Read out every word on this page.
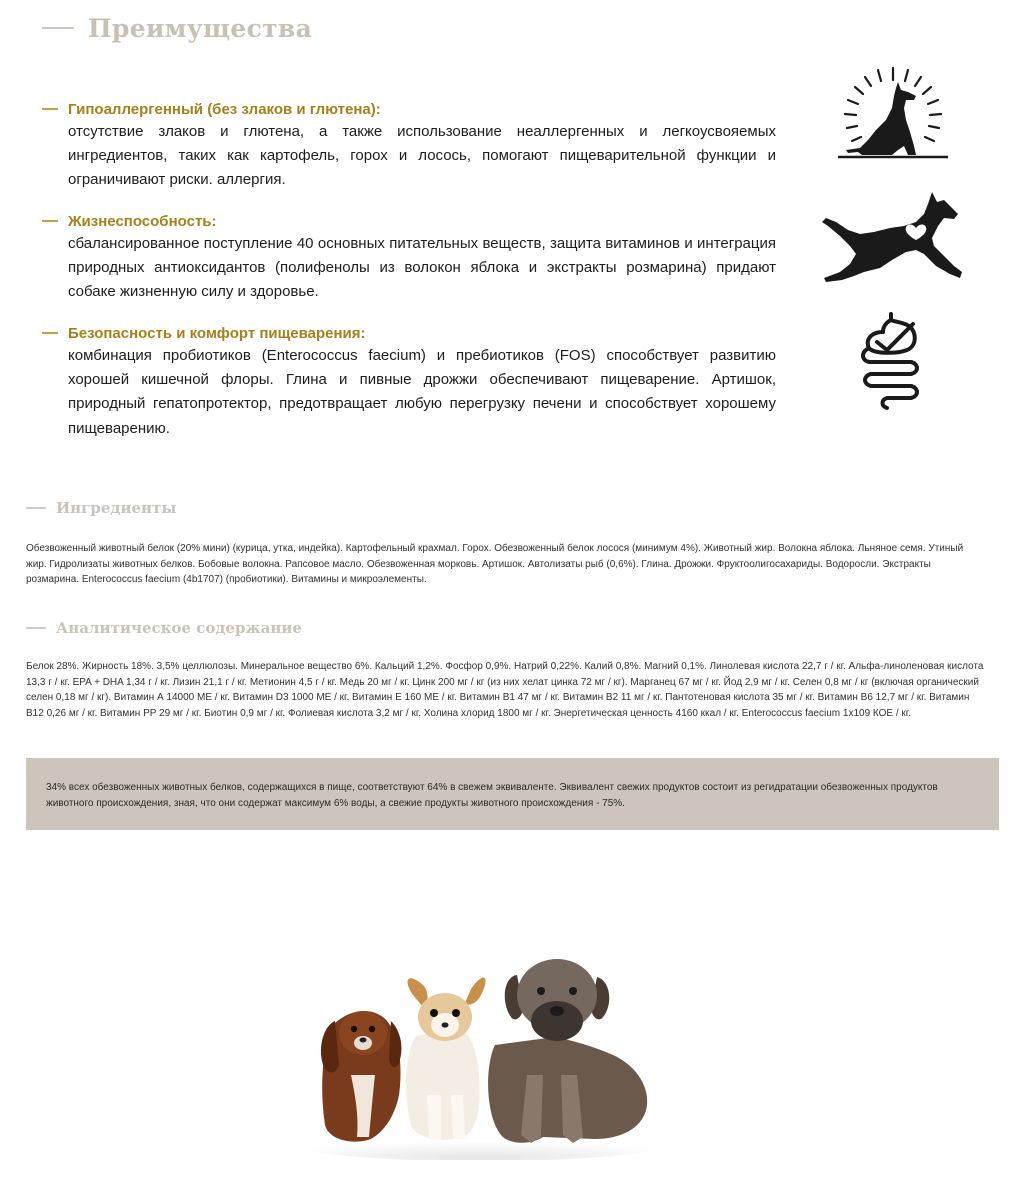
Преимущества
Гипоаллергенный (без злаков и глютена):
отсутствие злаков и глютена, а также использование неаллергенных и легкоусвояемых ингредиентов, таких как картофель, горох и лосось, помогают пищеварительной функции и ограничивают риски. аллергия.
Жизнеспособность:
сбалансированное поступление 40 основных питательных веществ, защита витаминов и интеграция природных антиоксидантов (полифенолы из волокон яблока и экстракты розмарина) придают собаке жизненную силу и здоровье.
Безопасность и комфорт пищеварения:
комбинация пробиотиков (Enterococcus faecium) и пребиотиков (FOS) способствует развитию хорошей кишечной флоры. Глина и пивные дрожжи обеспечивают пищеварение. Артишок, природный гепатопротектор, предотвращает любую перегрузку печени и способствует хорошему пищеварению.
Ингредиенты
Обезвоженный животный белок (20% мини) (курица, утка, индейка). Картофельный крахмал. Горох. Обезвоженный белок лосося (минимум 4%). Животный жир. Волокна яблока. Льняное семя. Утиный жир. Гидролизаты животных белков. Бобовые волокна. Рапсовое масло. Обезвоженная морковь. Артишок. Автолизаты рыб (0,6%). Глина. Дрожжи. Фруктоолигосахариды. Водоросли. Экстракты розмарина. Enterococcus faecium (4b1707) (пробиотики). Витамины и микроэлементы.
Аналитическое содержание
Белок 28%. Жирность 18%. 3,5% целлюлозы. Минеральное вещество 6%. Кальций 1,2%. Фосфор 0,9%. Натрий 0,22%. Калий 0,8%. Магний 0,1%. Линолевая кислота 22,7 г / кг. Альфа-линоленовая кислота 13,3 г / кг. EPA + DHA 1,34 г / кг. Лизин 21,1 г / кг. Метионин 4,5 г / кг. Медь 20 мг / кг. Цинк 200 мг / кг (из них хелат цинка 72 мг / кг). Марганец 67 мг / кг. Йод 2,9 мг / кг. Селен 0,8 мг / кг (включая органический селен 0,18 мг / кг). Витамин А 14000 МЕ / кг. Витамин D3 1000 МЕ / кг. Витамин Е 160 МЕ / кг. Витамин B1 47 мг / кг. Витамин B2 11 мг / кг. Пантотеновая кислота 35 мг / кг. Витамин B6 12,7 мг / кг. Витамин B12 0,26 мг / кг. Витамин PP 29 мг / кг. Биотин 0,9 мг / кг. Фолиевая кислота 3,2 мг / кг. Холина хлорид 1800 мг / кг. Энергетическая ценность 4160 ккал / кг. Enterococcus faecium 1x109 КОЕ / кг.
34% всех обезвоженных животных белков, содержащихся в пище, соответствуют 64% в свежем эквиваленте. Эквивалент свежих продуктов состоит из регидратации обезвоженных продуктов животного происхождения, зная, что они содержат максимум 6% воды, а свежие продукты животного происхождения - 75%.
